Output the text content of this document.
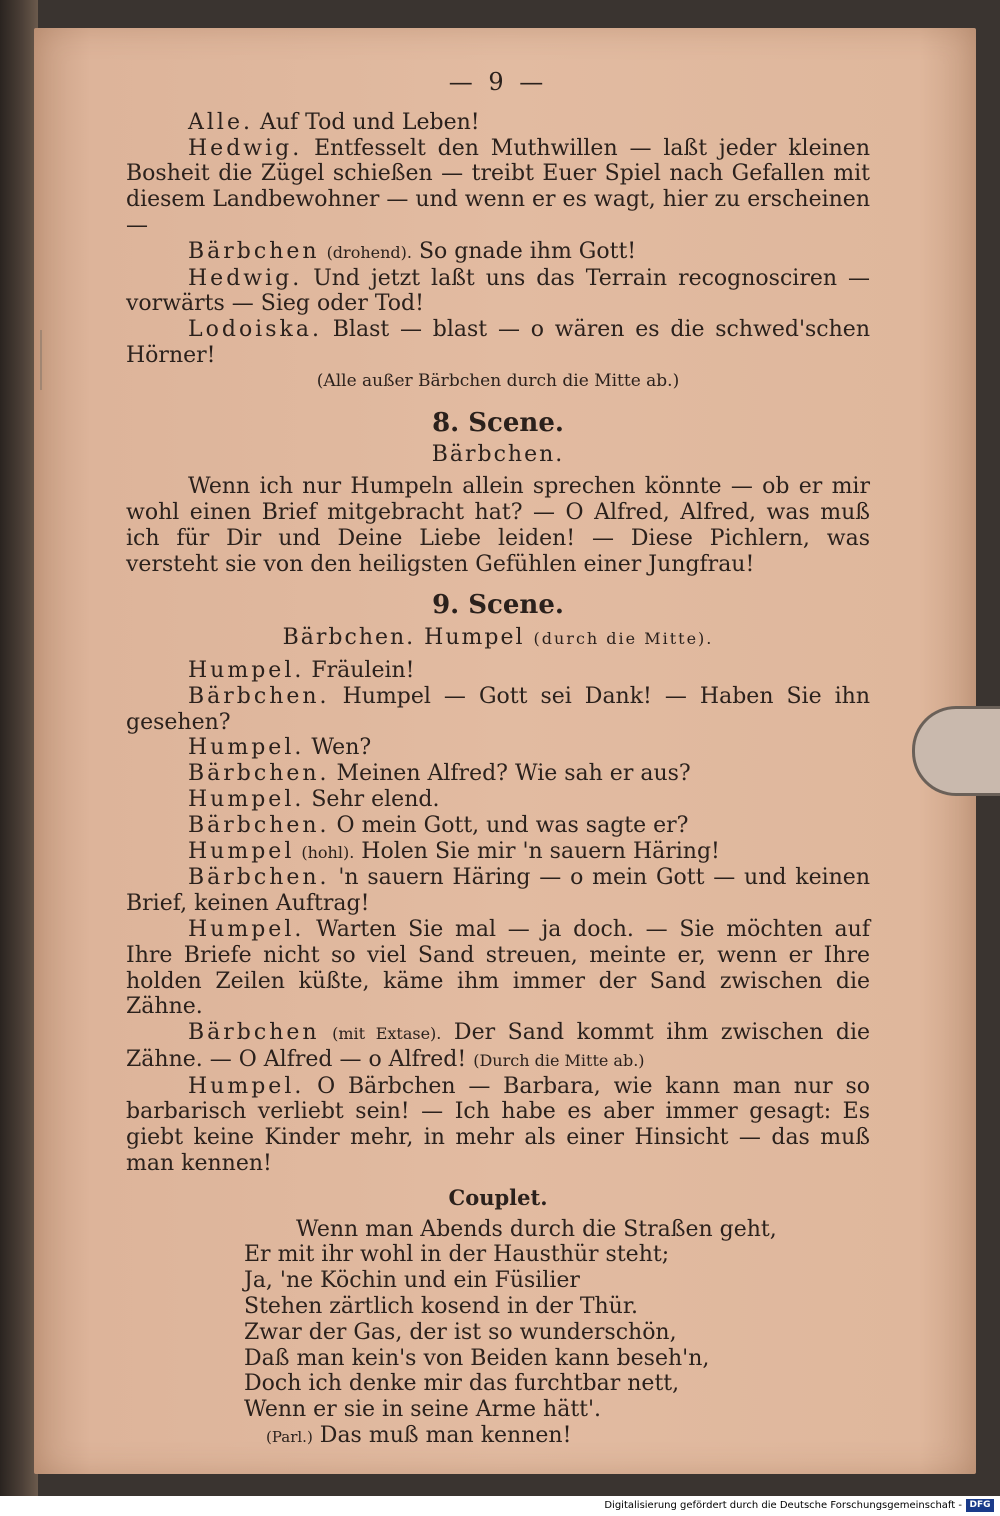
— 9 —
Alle. Auf Tod und Leben!
Hedwig. Entfesselt den Muthwillen — laßt jeder kleinen Bosheit die Zügel schießen — treibt Euer Spiel nach Gefallen mit diesem Landbewohner — und wenn er es wagt, hier zu erscheinen —
Bärbchen (drohend). So gnade ihm Gott!
Hedwig. Und jetzt laßt uns das Terrain recognosciren — vorwärts — Sieg oder Tod!
Lodoiska. Blast — blast — o wären es die schwed'schen Hörner!
(Alle außer Bärbchen durch die Mitte ab.)
8. Scene.
Bärbchen.
Wenn ich nur Humpeln allein sprechen könnte — ob er mir wohl einen Brief mitgebracht hat? — O Alfred, Alfred, was muß ich für Dir und Deine Liebe leiden! — Diese Pichlern, was versteht sie von den heiligsten Gefühlen einer Jungfrau!
9. Scene.
Bärbchen. Humpel (durch die Mitte).
Humpel. Fräulein!
Bärbchen. Humpel — Gott sei Dank! — Haben Sie ihn gesehen?
Humpel. Wen?
Bärbchen. Meinen Alfred? Wie sah er aus?
Humpel. Sehr elend.
Bärbchen. O mein Gott, und was sagte er?
Humpel (hohl). Holen Sie mir 'n sauern Häring!
Bärbchen. 'n sauern Häring — o mein Gott — und keinen Brief, keinen Auftrag!
Humpel. Warten Sie mal — ja doch. — Sie möchten auf Ihre Briefe nicht so viel Sand streuen, meinte er, wenn er Ihre holden Zeilen küßte, käme ihm immer der Sand zwischen die Zähne.
Bärbchen (mit Extase). Der Sand kommt ihm zwischen die Zähne. — O Alfred — o Alfred! (Durch die Mitte ab.)
Humpel. O Bärbchen — Barbara, wie kann man nur so barbarisch verliebt sein! — Ich habe es aber immer gesagt: Es giebt keine Kinder mehr, in mehr als einer Hinsicht — das muß man kennen!
Couplet.
Wenn man Abends durch die Straßen geht,
Er mit ihr wohl in der Hausthür steht;
Ja, 'ne Köchin und ein Füsilier
Stehen zärtlich kosend in der Thür.
Zwar der Gas, der ist so wunderschön,
Daß man kein's von Beiden kann beseh'n,
Doch ich denke mir das furchtbar nett,
Wenn er sie in seine Arme hätt'.
(Parl.) Das muß man kennen!
Digitalisierung gefördert durch die Deutsche Forschungsgemeinschaft - DFG
